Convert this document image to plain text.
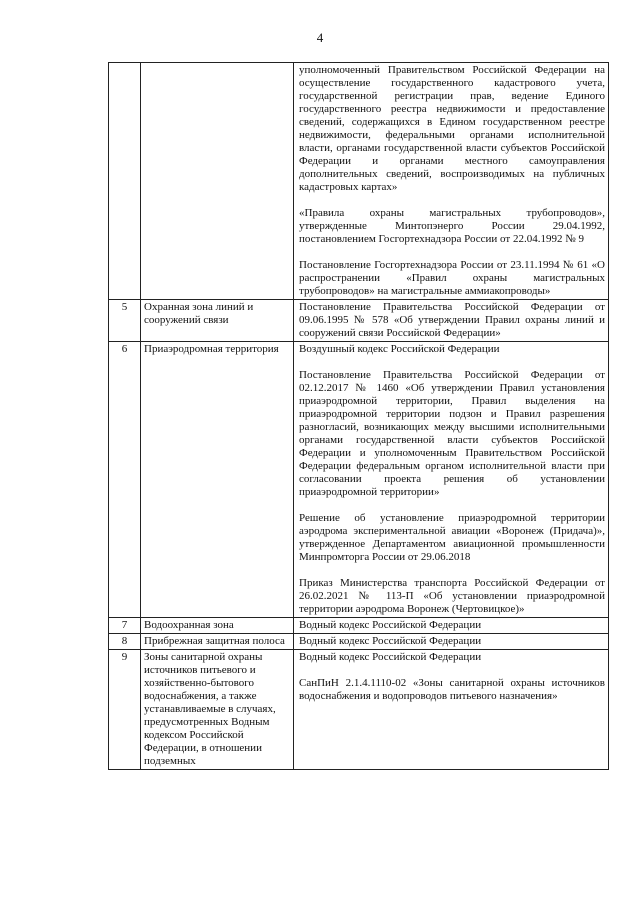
4

		уполномоченный Правительством Российской Федерации на осуществление государственного кадастрового учета, государственной регистрации прав, ведение Единого государственного реестра недвижимости и предоставление сведений, содержащихся в Едином государственном реестре недвижимости, федеральными органами исполнительной власти, органами государственной власти субъектов Российской Федерации и органами местного самоуправления дополнительных сведений, воспроизводимых на публичных кадастровых картах»

«Правила охраны магистральных трубопроводов», утвержденные Минтопэнерго России 29.04.1992, постановлением Госгортехнадзора России от 22.04.1992 № 9

Постановление Госгортехнадзора России от 23.11.1994 № 61 «О распространении «Правил охраны магистральных трубопроводов» на магистральные аммиакопроводы»

5	Охранная зона линий и сооружений связи	Постановление Правительства Российской Федерации от 09.06.1995 № 578 «Об утверждении Правил охраны линий и сооружений связи Российской Федерации»

6	Приаэродромная территория	Воздушный кодекс Российской Федерации

Постановление Правительства Российской Федерации от 02.12.2017 № 1460 «Об утверждении Правил установления приаэродромной территории, Правил выделения на приаэродромной территории подзон и Правил разрешения разногласий, возникающих между высшими исполнительными органами государственной власти субъектов Российской Федерации и уполномоченным Правительством Российской Федерации федеральным органом исполнительной власти при согласовании проекта решения об установлении приаэродромной территории»

Решение об установление приаэродромной территории аэродрома экспериментальной авиации «Воронеж (Придача)», утвержденное Департаментом авиационной промышленности Минпромторга России от 29.06.2018

Приказ Министерства транспорта Российской Федерации от 26.02.2021 № 113-П «Об установлении приаэродромной территории аэродрома Воронеж (Чертовицкое)»

7	Водоохранная зона	Водный кодекс Российской Федерации

8	Прибрежная защитная полоса	Водный кодекс Российской Федерации

9	Зоны санитарной охраны источников питьевого и хозяйственно-бытового водоснабжения, а также устанавливаемые в случаях, предусмотренных Водным кодексом Российской Федерации, в отношении подземных	Водный кодекс Российской Федерации

СанПиН 2.1.4.1110-02 «Зоны санитарной охраны источников водоснабжения и водопроводов питьевого назначения»
